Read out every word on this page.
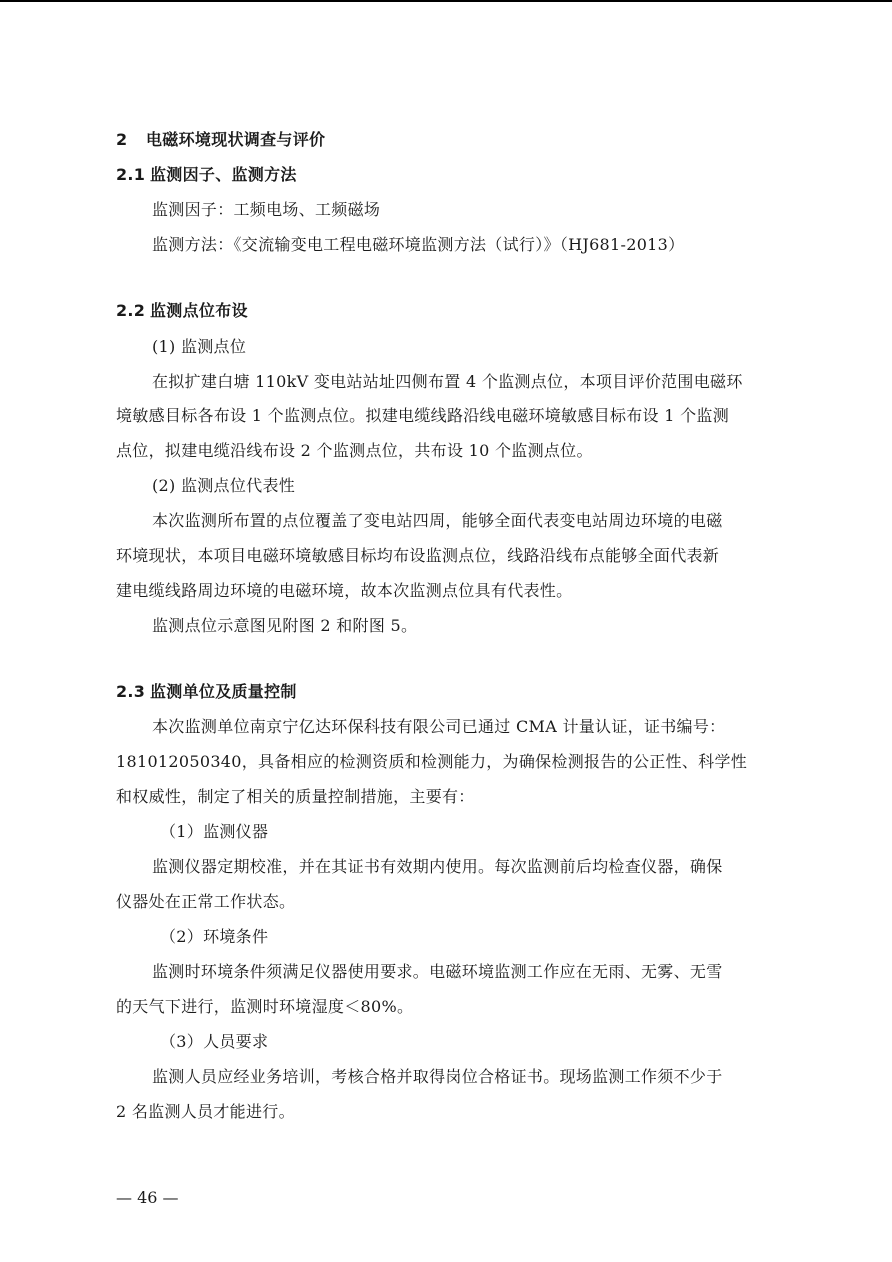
2 电磁环境现状调查与评价
2.1 监测因子、监测方法
监测因子：工频电场、工频磁场
监测方法：《交流输变电工程电磁环境监测方法（试行）》（HJ681-2013）
2.2 监测点位布设
(1) 监测点位
在拟扩建白塘 110kV 变电站站址四侧布置 4 个监测点位，本项目评价范围电磁环
境敏感目标各布设 1 个监测点位。拟建电缆线路沿线电磁环境敏感目标布设 1 个监测
点位，拟建电缆沿线布设 2 个监测点位，共布设 10 个监测点位。
(2) 监测点位代表性
本次监测所布置的点位覆盖了变电站四周，能够全面代表变电站周边环境的电磁
环境现状，本项目电磁环境敏感目标均布设监测点位，线路沿线布点能够全面代表新
建电缆线路周边环境的电磁环境，故本次监测点位具有代表性。
监测点位示意图见附图 2 和附图 5。
2.3 监测单位及质量控制
本次监测单位南京宁亿达环保科技有限公司已通过 CMA 计量认证，证书编号：
181012050340，具备相应的检测资质和检测能力，为确保检测报告的公正性、科学性
和权威性，制定了相关的质量控制措施，主要有：
（1）监测仪器
监测仪器定期校准，并在其证书有效期内使用。每次监测前后均检查仪器，确保
仪器处在正常工作状态。
（2）环境条件
监测时环境条件须满足仪器使用要求。电磁环境监测工作应在无雨、无雾、无雪
的天气下进行，监测时环境湿度＜80%。
（3）人员要求
监测人员应经业务培训，考核合格并取得岗位合格证书。现场监测工作须不少于
2 名监测人员才能进行。
— 46 —
